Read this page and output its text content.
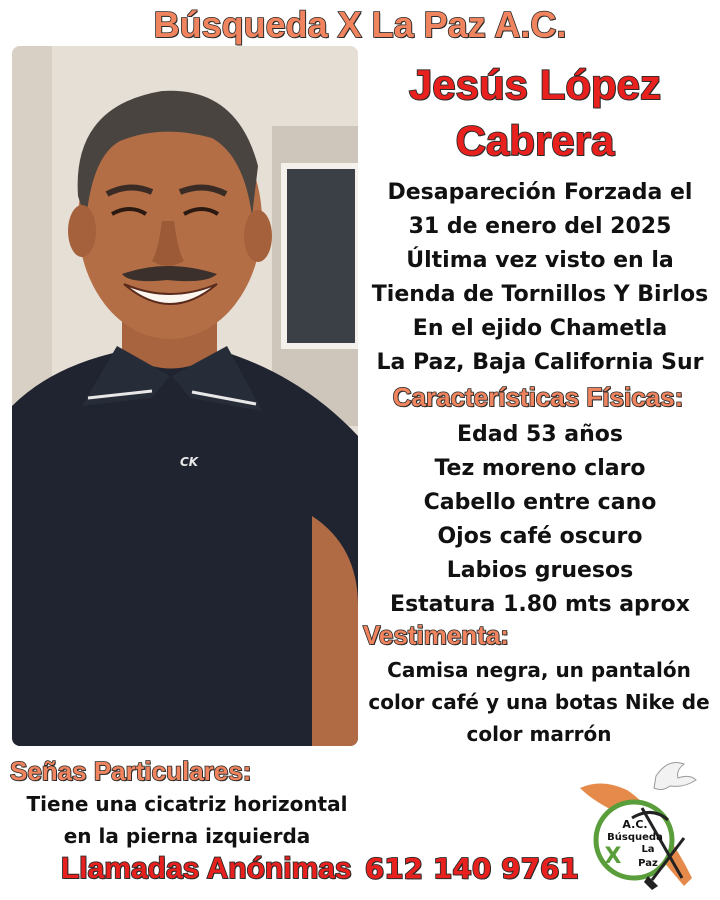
Búsqueda X La Paz A.C.
CK
Jesús López
Cabrera
Desapareción Forzada el
31 de enero del 2025
Última vez visto en la
Tienda de Tornillos Y Birlos
En el ejido Chametla
La Paz, Baja California Sur
Características Físicas:
Edad 53 años
Tez moreno claro
Cabello entre cano
Ojos café oscuro
Labios gruesos
Estatura 1.80 mts aprox
Vestimenta:
Camisa negra, un pantalón
color café y una botas Nike de
color marrón
Señas Particulares:
Tiene una cicatriz horizontal
en la pierna izquierda
Llamadas Anónimas 612 140 9761
A.C.
Búsqueda
La
X	Paz
